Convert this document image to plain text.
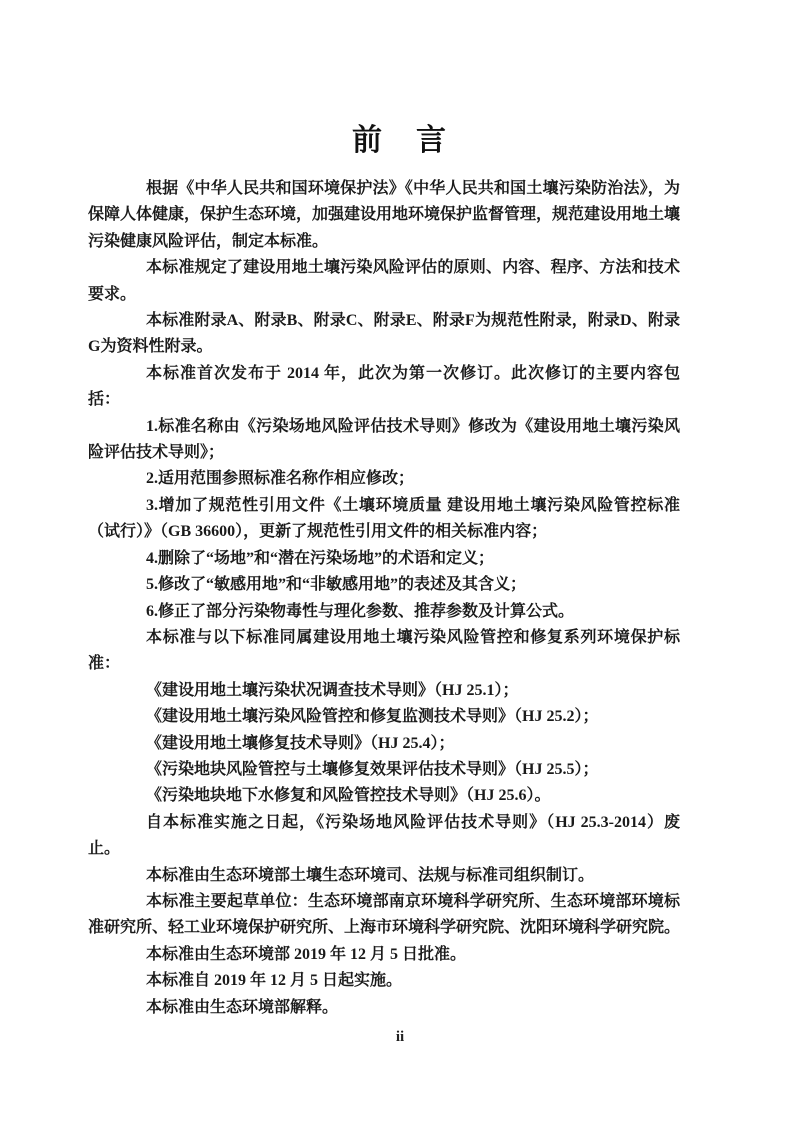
前　言

根据《中华人民共和国环境保护法》《中华人民共和国土壤污染防治法》，为保障人体健康，保护生态环境，加强建设用地环境保护监督管理，规范建设用地土壤污染健康风险评估，制定本标准。

本标准规定了建设用地土壤污染风险评估的原则、内容、程序、方法和技术要求。

本标准附录A、附录B、附录C、附录E、附录F为规范性附录，附录D、附录G为资料性附录。

本标准首次发布于 2014 年，此次为第一次修订。此次修订的主要内容包括：

1.标准名称由《污染场地风险评估技术导则》修改为《建设用地土壤污染风险评估技术导则》；

2.适用范围参照标准名称作相应修改；

3.增加了规范性引用文件《土壤环境质量 建设用地土壤污染风险管控标准（试行）》（GB 36600），更新了规范性引用文件的相关标准内容；

4.删除了“场地”和“潜在污染场地”的术语和定义；

5.修改了“敏感用地”和“非敏感用地”的表述及其含义；

6.修正了部分污染物毒性与理化参数、推荐参数及计算公式。

本标准与以下标准同属建设用地土壤污染风险管控和修复系列环境保护标准：

《建设用地土壤污染状况调查技术导则》（HJ 25.1）；

《建设用地土壤污染风险管控和修复监测技术导则》（HJ 25.2）；

《建设用地土壤修复技术导则》（HJ 25.4）；

《污染地块风险管控与土壤修复效果评估技术导则》（HJ 25.5）；

《污染地块地下水修复和风险管控技术导则》（HJ 25.6）。

自本标准实施之日起，《污染场地风险评估技术导则》（HJ 25.3-2014）废止。

本标准由生态环境部土壤生态环境司、法规与标准司组织制订。

本标准主要起草单位：生态环境部南京环境科学研究所、生态环境部环境标准研究所、轻工业环境保护研究所、上海市环境科学研究院、沈阳环境科学研究院。

本标准由生态环境部 2019 年 12 月 5 日批准。

本标准自 2019 年 12 月 5 日起实施。

本标准由生态环境部解释。

ii
